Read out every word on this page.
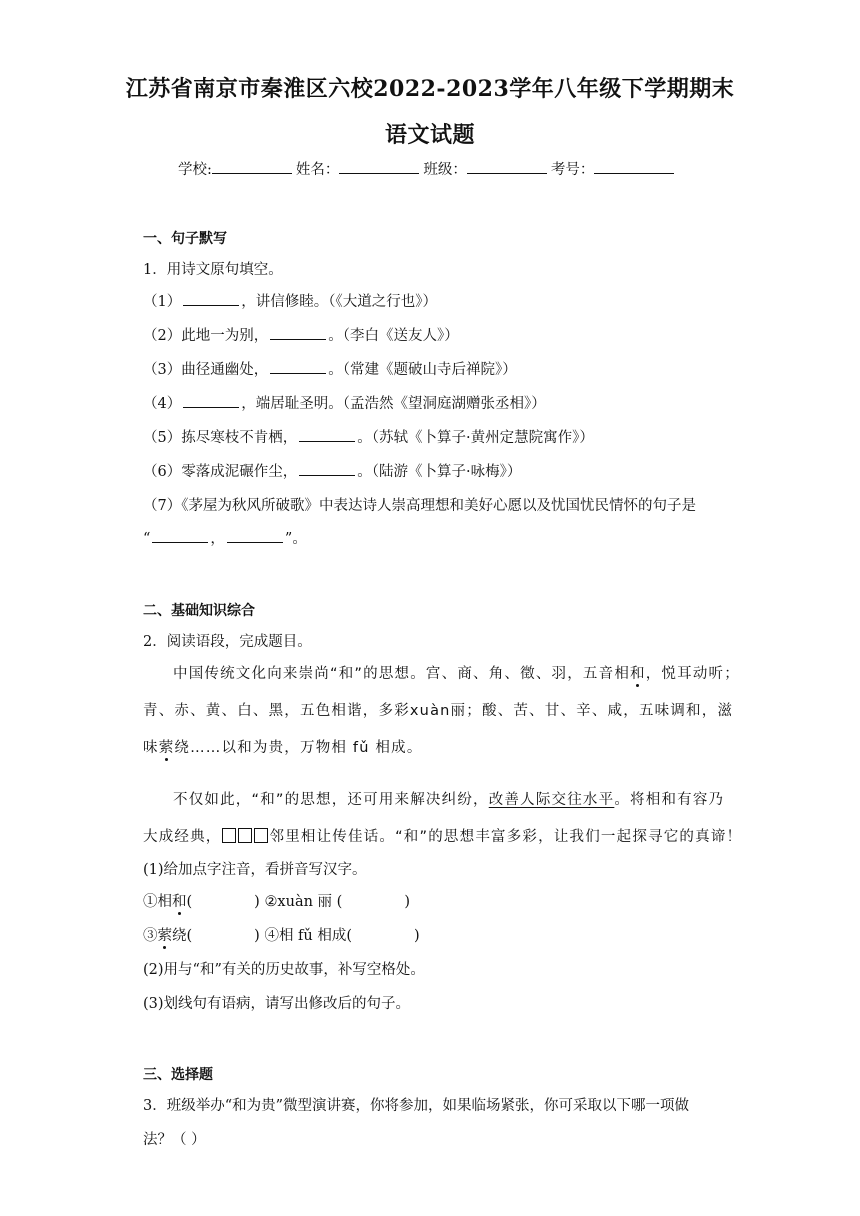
江苏省南京市秦淮区六校2022-2023学年八年级下学期期末
语文试题
学校:	姓名：	班级：	考号：
一、句子默写
1．用诗文原句填空。
（1）	，讲信修睦。（《大道之行也》）
（2）此地一为别，	。（李白《送友人》）
（3）曲径通幽处，	。（常建《题破山寺后禅院》）
（4）	，端居耻圣明。（孟浩然《望洞庭湖赠张丞相》）
（5）拣尽寒枝不肯栖，	。（苏轼《卜算子·黄州定慧院寓作》）
（6）零落成泥碾作尘，	。（陆游《卜算子·咏梅》）
（7）《茅屋为秋风所破歌》中表达诗人崇高理想和美好心愿以及忧国忧民情怀的句子是
“	，	”。
二、基础知识综合
2．阅读语段，完成题目。
中国传统文化向来崇尚“和”的思想。宫、商、角、徵、羽，五音相和，悦耳动听；
青、赤、黄、白、黑，五色相谐，多彩xuàn丽；酸、苦、甘、辛、咸，五味调和，滋
味萦绕……以和为贵，万物相 fǔ 相成。
不仅如此，“和”的思想，还可用来解决纠纷，改善人际交往水平。将相和有容乃
大成经典，	邻里相让传佳话。“和”的思想丰富多彩，让我们一起探寻它的真谛！
(1)给加点字注音，看拼音写汉字。
①相和(	) ②xuàn 丽 (	)
③萦绕(	) ④相 fǔ 相成(	)
(2)用与“和”有关的历史故事，补写空格处。
(3)划线句有语病，请写出修改后的句子。
三、选择题
3．班级举办“和为贵”微型演讲赛，你将参加，如果临场紧张，你可采取以下哪一项做
法？（ ）
